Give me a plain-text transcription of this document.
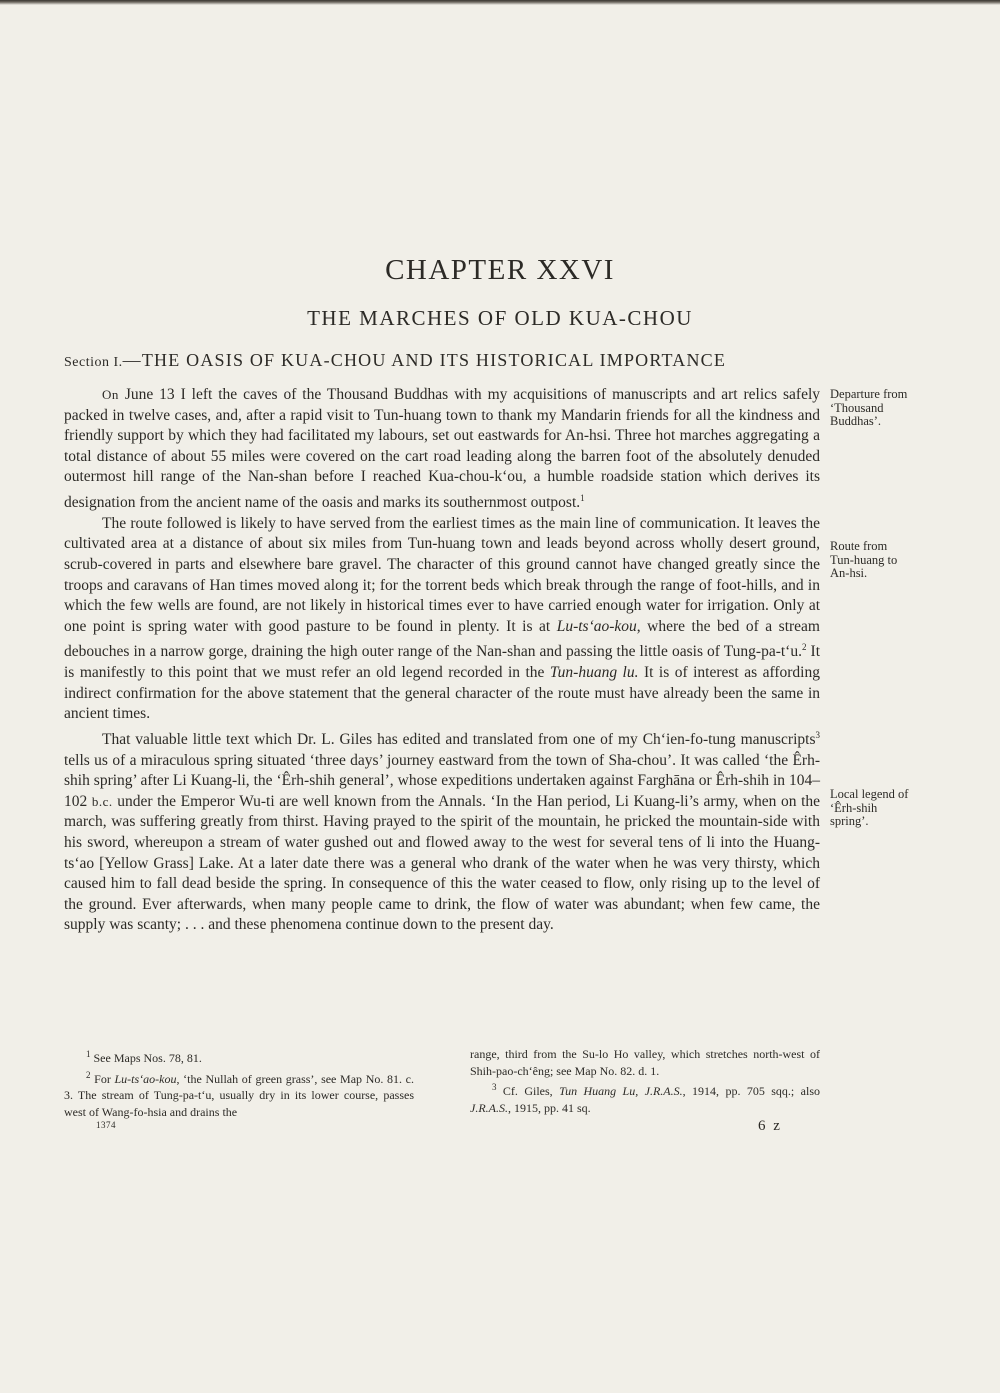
CHAPTER XXVI
THE MARCHES OF OLD KUA-CHOU
Section I.—THE OASIS OF KUA-CHOU AND ITS HISTORICAL IMPORTANCE

On June 13 I left the caves of the Thousand Buddhas with my acquisitions of manuscripts and art relics safely packed in twelve cases, and, after a rapid visit to Tun-huang town to thank my Mandarin friends for all the kindness and friendly support by which they had facilitated my labours, set out eastwards for An-hsi. Three hot marches aggregating a total distance of about 55 miles were covered on the cart road leading along the barren foot of the absolutely denuded outermost hill range of the Nan-shan before I reached Kua-chou-k‘ou, a humble roadside station which derives its designation from the ancient name of the oasis and marks its southernmost outpost.$^1$

The route followed is likely to have served from the earliest times as the main line of communication. It leaves the cultivated area at a distance of about six miles from Tun-huang town and leads beyond across wholly desert ground, scrub-covered in parts and elsewhere bare gravel. The character of this ground cannot have changed greatly since the troops and caravans of Han times moved along it; for the torrent beds which break through the range of foot-hills, and in which the few wells are found, are not likely in historical times ever to have carried enough water for irrigation. Only at one point is spring water with good pasture to be found in plenty. It is at Lu-ts‘ao-kou, where the bed of a stream debouches in a narrow gorge, draining the high outer range of the Nan-shan and passing the little oasis of Tung-pa-t‘u.$^2$ It is manifestly to this point that we must refer an old legend recorded in the Tun-huang lu. It is of interest as affording indirect confirmation for the above statement that the general character of the route must have already been the same in ancient times.

That valuable little text which Dr. L. Giles has edited and translated from one of my Ch‘ien-fo-tung manuscripts$^3$ tells us of a miraculous spring situated ‘three days’ journey eastward from the town of Sha-chou’. It was called ‘the Êrh-shih spring’ after Li Kuang-li, the ‘Êrh-shih general’, whose expeditions undertaken against Farghāna or Êrh-shih in 104–102 b.c. under the Emperor Wu-ti are well known from the Annals. ‘In the Han period, Li Kuang-li’s army, when on the march, was suffering greatly from thirst. Having prayed to the spirit of the mountain, he pricked the mountain-side with his sword, whereupon a stream of water gushed out and flowed away to the west for several tens of li into the Huang-ts‘ao [Yellow Grass] Lake. At a later date there was a general who drank of the water when he was very thirsty, which caused him to fall dead beside the spring. In consequence of this the water ceased to flow, only rising up to the level of the ground. Ever afterwards, when many people came to drink, the flow of water was abundant; when few came, the supply was scanty; . . . and these phenomena continue down to the present day.

Departure from ‘Thousand Buddhas’.

Route from Tun-huang to An-hsi.

Local legend of ‘Êrh-shih spring’.

$^1$ See Maps Nos. 78, 81.

$^2$ For Lu-ts‘ao-kou, ‘the Nullah of green grass’, see Map No. 81. c. 3. The stream of Tung-pa-t‘u, usually dry in its lower course, passes west of Wang-fo-hsia and drains the

range, third from the Su-lo Ho valley, which stretches north-west of Shih-pao-ch‘êng; see Map No. 82. d. 1.

$^3$ Cf. Giles, Tun Huang Lu, J.R.A.S., 1914, pp. 705 sqq.; also J.R.A.S., 1915, pp. 41 sq.

1374	6 z
